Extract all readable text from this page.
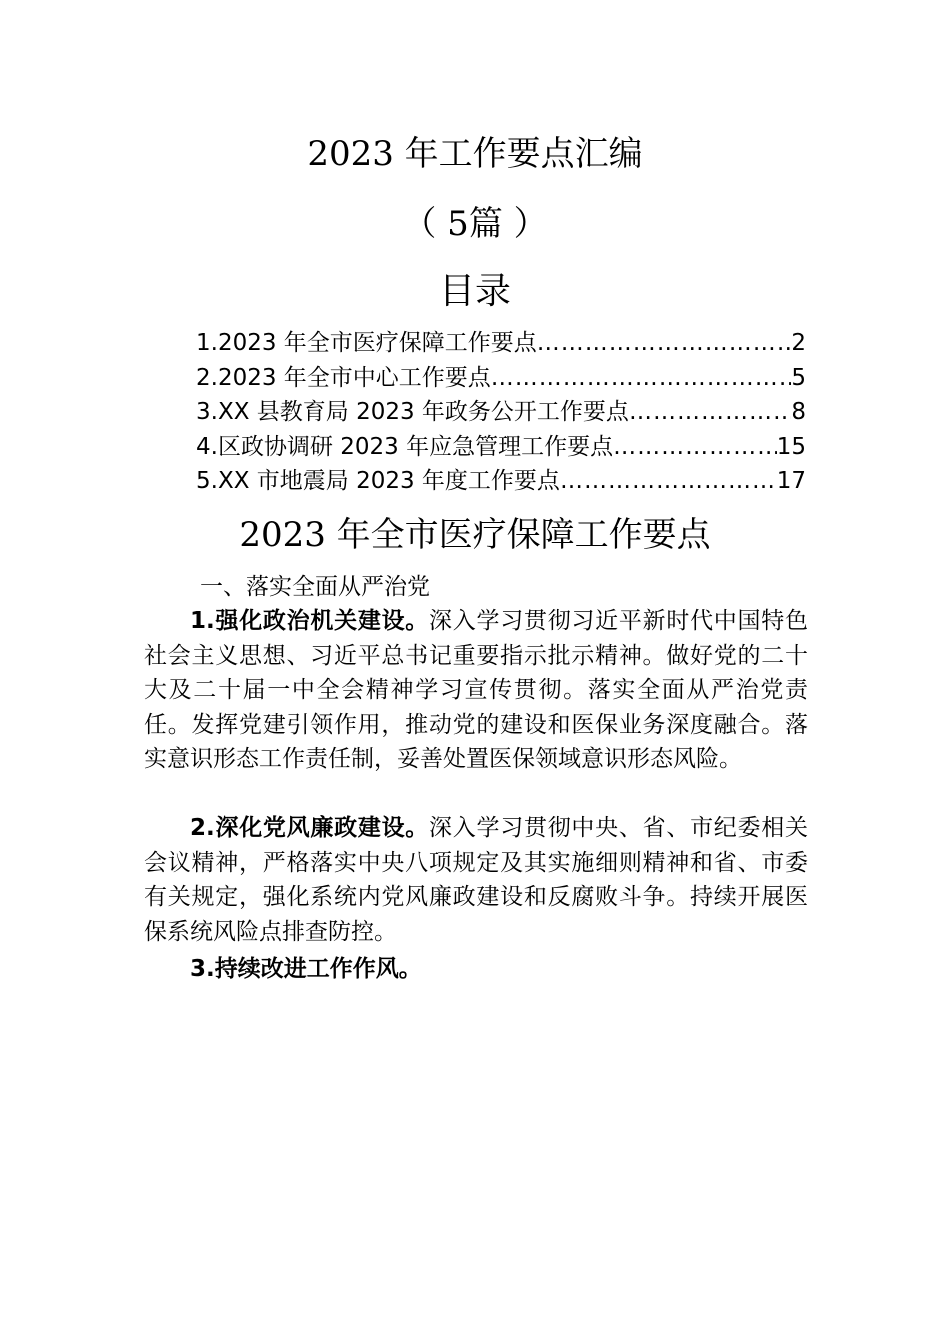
2023 年工作要点汇编
（ 5篇 ）
目录
1.2023 年全市医疗保障工作要点 ……………………………………………………………………………………………………	2
2.2023 年全市中心工作要点 ……………………………………………………………………………………………………	5
3.XX 县教育局 2023 年政务公开工作要点 ……………………………………………………………………………………………………	8
4.区政协调研 2023 年应急管理工作要点 ……………………………………………………………………………………………………	15
5.XX 市地震局 2023 年度工作要点 ……………………………………………………………………………………………………	17
2023 年全市医疗保障工作要点
一、落实全面从严治党

1.强化政治机关建设。深入学习贯彻习近平新时代中国特色社会主义思想、习近平总书记重要指示批示精神。做好党的二十大及二十届一中全会精神学习宣传贯彻。落实全面从严治党责任。发挥党建引领作用，推动党的建设和医保业务深度融合。落实意识形态工作责任制，妥善处置医保领域意识形态风险。

2.深化党风廉政建设。深入学习贯彻中央、省、市纪委相关会议精神，严格落实中央八项规定及其实施细则精神和省、市委有关规定，强化系统内党风廉政建设和反腐败斗争。持续开展医保系统风险点排查防控。

3.持续改进工作作风。
